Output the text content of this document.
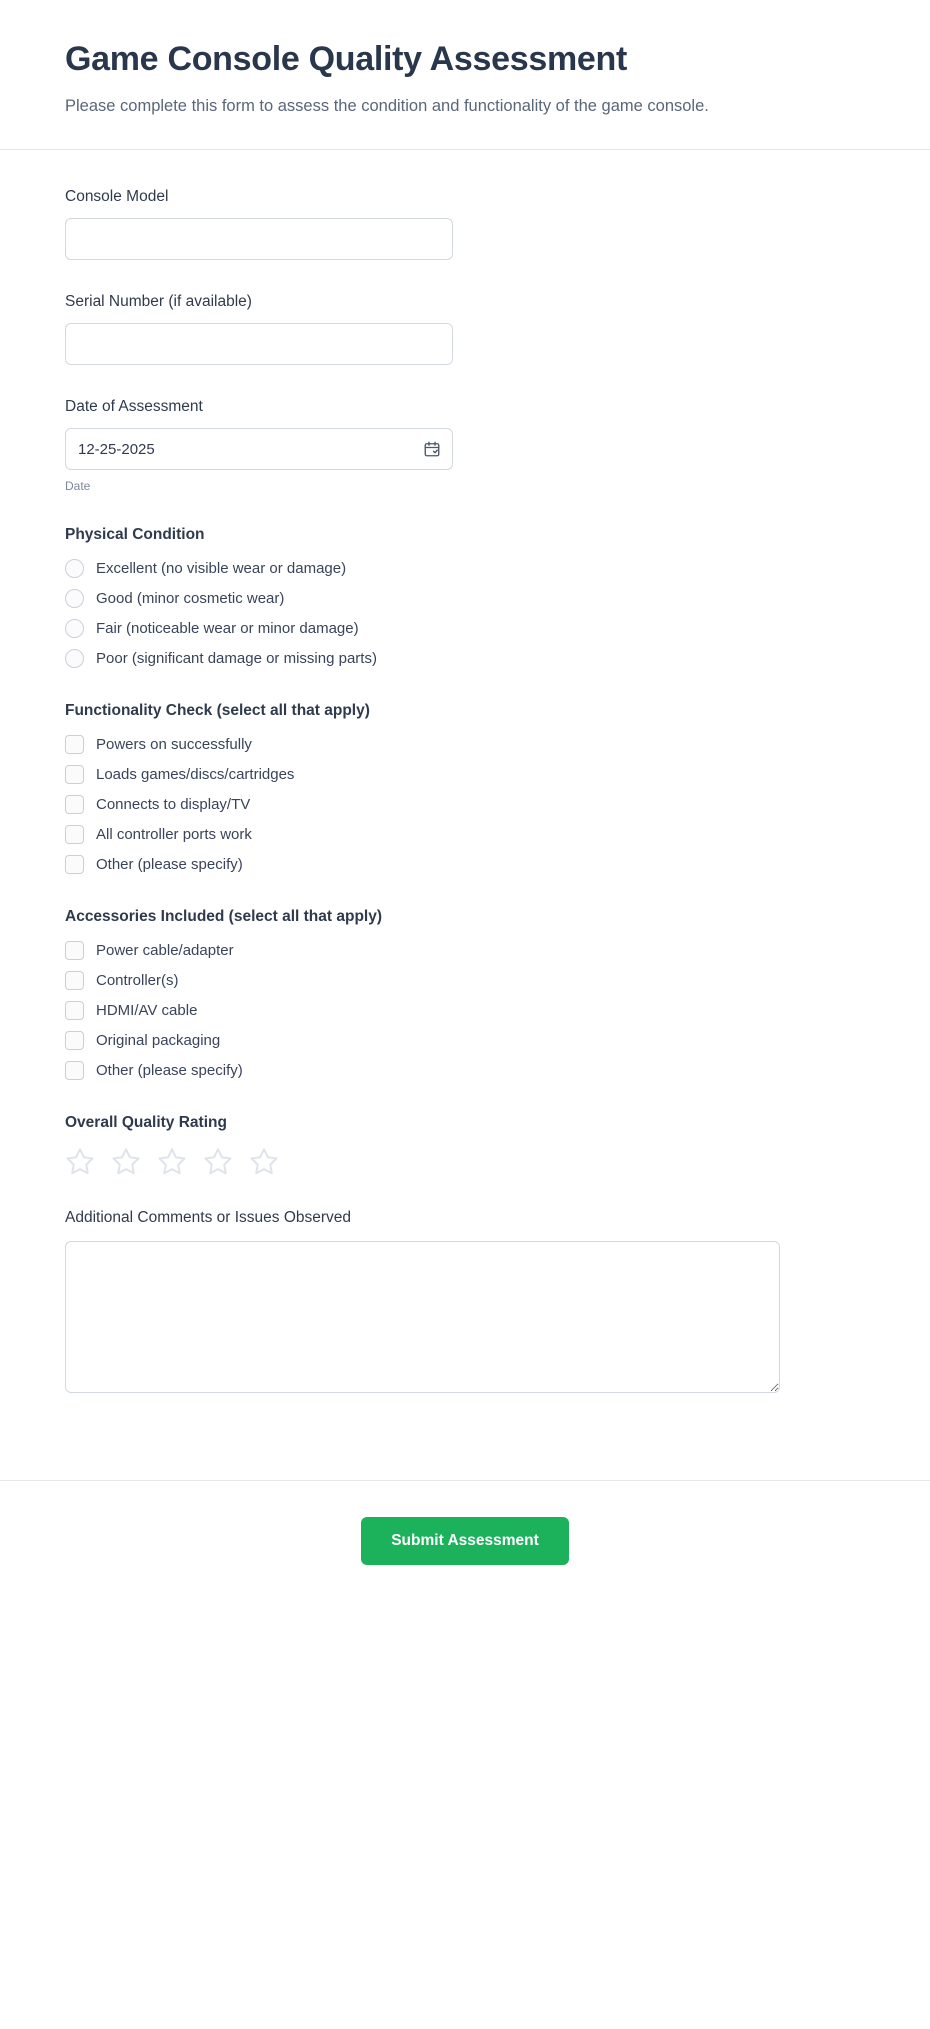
Game Console Quality Assessment

Please complete this form to assess the condition and functionality of the game console.

Console Model
Serial Number (if available)
Date of Assessment
12-25-2025
Date
Physical Condition
Excellent (no visible wear or damage)
Good (minor cosmetic wear)
Fair (noticeable wear or minor damage)
Poor (significant damage or missing parts)
Functionality Check (select all that apply)
Powers on successfully
Loads games/discs/cartridges
Connects to display/TV
All controller ports work
Other (please specify)
Accessories Included (select all that apply)
Power cable/adapter
Controller(s)
HDMI/AV cable
Original packaging
Other (please specify)
Overall Quality Rating
Additional Comments or Issues Observed
Submit Assessment
